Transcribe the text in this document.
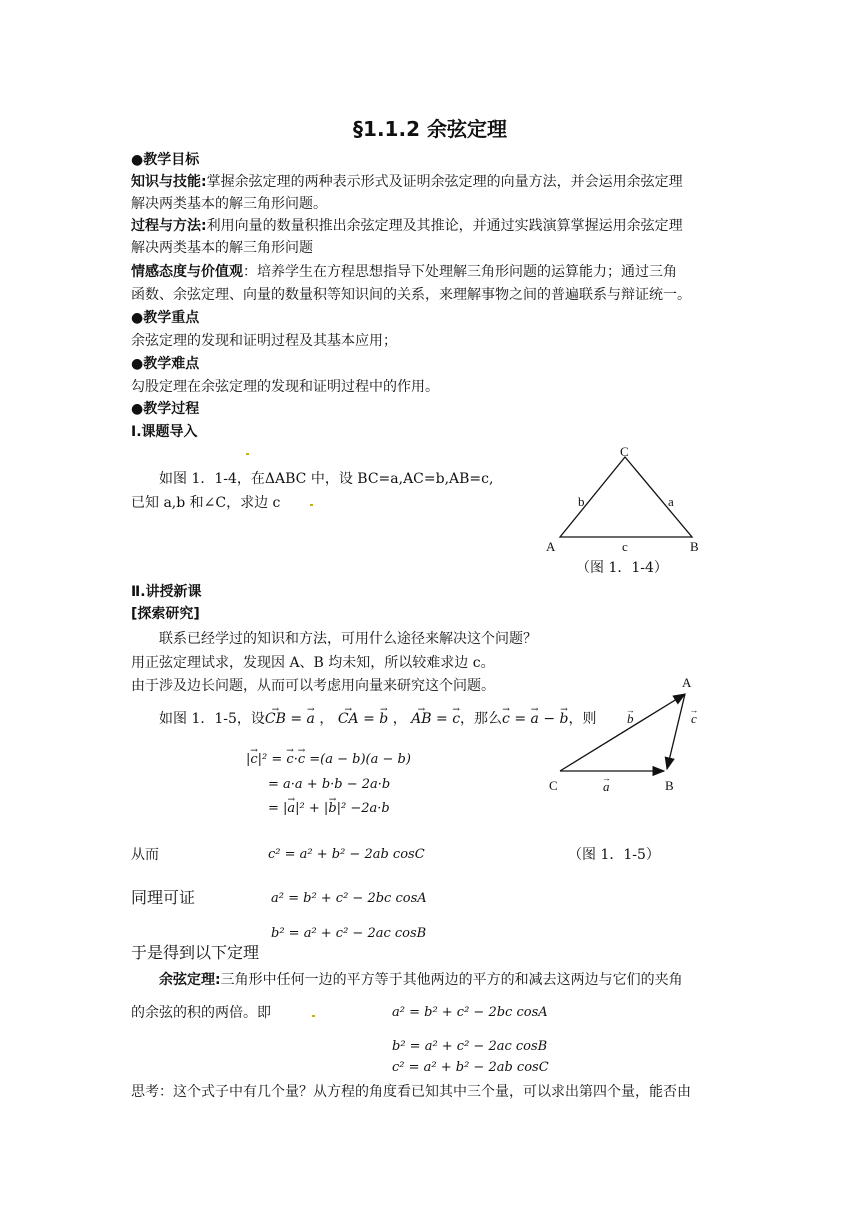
§1.1.2 余弦定理
●教学目标
知识与技能:掌握余弦定理的两种表示形式及证明余弦定理的向量方法，并会运用余弦定理
解决两类基本的解三角形问题。
过程与方法:利用向量的数量积推出余弦定理及其推论，并通过实践演算掌握运用余弦定理
解决两类基本的解三角形问题
情感态度与价值观：培养学生在方程思想指导下处理解三角形问题的运算能力；通过三角
函数、余弦定理、向量的数量积等知识间的关系，来理解事物之间的普遍联系与辩证统一。
●教学重点
余弦定理的发现和证明过程及其基本应用；
●教学难点
勾股定理在余弦定理的发现和证明过程中的作用。
●教学过程
Ⅰ.课题导入
如图 1．1-4，在ΔABC 中，设 BC=a,AC=b,AB=c,
已知 a,b 和∠C，求边 c
C
b	a
A	c	B
（图 1．1-4）
Ⅱ.讲授新课
[探索研究]
联系已经学过的知识和方法，可用什么途径来解决这个问题？
用正弦定理试求，发现因 A、B 均未知，所以较难求边 c。
由于涉及边长问题，从而可以考虑用向量来研究这个问题。
如图 1．1-5，设→ CB = → a ， → CA = → b ， → AB = → c，那么→ c = → a − → b，则
|→ c|² = → c·→ c =(a − b)(a − b)
= a·a + b·b − 2a·b
= |→ a|² + |→ b|² −2a·b
A
→ b	→ c
C	→ a	B
从而	c² = a² + b² − 2ab cosC	（图 1．1-5）
同理可证	a² = b² + c² − 2bc cosA
b² = a² + c² − 2ac cosB
于是得到以下定理
余弦定理:三角形中任何一边的平方等于其他两边的平方的和减去这两边与它们的夹角
的余弦的积的两倍。即	a² = b² + c² − 2bc cosA
b² = a² + c² − 2ac cosB
c² = a² + b² − 2ab cosC
思考：这个式子中有几个量？从方程的角度看已知其中三个量，可以求出第四个量，能否由
